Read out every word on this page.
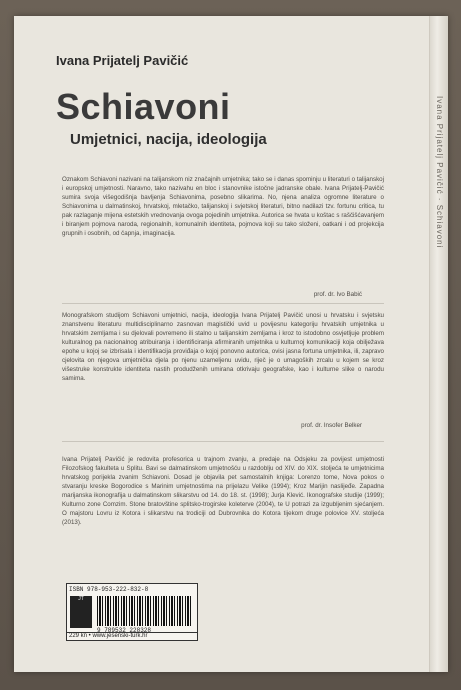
Ivana Prijatelj Pavičić · Schiavoni
Ivana Prijatelj Pavičić
Schiavoni
Umjetnici, nacija, ideologija
Oznakom Schiavoni nazivani na talijanskom niz značajnih umjetnika; tako se i danas spominju u literaturi o talijanskoj i europskoj umjetnosti. Naravno, tako nazivahu en bloc i stanovnike istočne jadranske obale. Ivana Prijatelj-Pavičić sumira svoja višegodišnja bavljenja Schiavonima, posebno slikarima. No, njena analiza ogromne literature o Schiavonima u dalmatinskoj, hrvatskoj, mletačko, talijanskoj i svjetskoj literaturi, bitno nadilazi tzv. fortunu critica, tu pak razlaganje mijena estetskih vrednovanja ovoga pojedinih umjetnika. Autorica se hvata u koštac s raščišćavanjem i biranjem pojmova naroda, regionalnih, komunalnih identiteta, pojmova koji su tako složeni, oatkani i od projekcija grupnih i osobnih, od čapnja, imaginacija.
prof. dr. Ivo Babić
Monografskom studijom Schiavoni umjetnici, nacija, ideologija Ivana Prijatelj Pavičić unosi u hrvatsku i svjetsku znanstvenu literaturu multidisciplinarno zasnovan magistički uvid u povijesnu kategoriju hrvatskih umjetnika u hrvatskim zemljama i su djelovali povremeno ili stalno u talijanskim zemljama i kroz to istodobno osvjetljuje problem kulturalnog pa nacionalnog atribuiranja i identificiranja afirmiranih umjetnika u kulturnoj komunikaciji koja obilježava epohe u kojoj se izbrisala i identifikacija proviđaja o kojoj ponovno autorica, ovisi jasna fortuna umjetnika, ili, zapravo cjelovita on njegova umjetnička djela po njenu uzameljenu uvidu, riječ je o umagoških zrcalu u kojem se kroz višestruke konstrukte identiteta nastih produdženih umirana otkrivaju geografske, kao i kulturne slike o narodu samima.
prof. dr. Insofer Belker
Ivana Prijatelj Pavičić je redovita profesorica u trajnom zvanju, a predaje na Odsjeku za povijest umjetnosti Filozofskog fakulteta u Splitu. Bavi se dalmatinskom umjetnošću u razdoblju od XIV. do XIX. stoljeća te umjetnicima hrvatskog porijekla zvanim Schiavoni. Dosad je objavila pet samostalnih knjiga: Lorenzo tome, Nova pokos o stvaranju kreske Bogorodice s Marinim umjetnostima na prijelazu Velike (1994); Kroz Marijin naslijeđe. Zapadna marijanska ikonografija u dalmatinskom slikarstvu od 14. do 18. st. (1998); Jurja Klević. Ikonografske studije (1999); Kulturno zone Comzim. Stone bratovštine splitsko-trogirske koleterve (2004), te U potrazi za izgubljenim sjećanjem. O majstoru Lovru iz Kotora i slikarstvu na trodiciji od Dubrovnika do Kotora tijekom druge polovice XV. stoljeća (2013).
ISBN 978-953-222-832-8
JT
9 789532 228328
229 kn • www.jesenski-turk.hr
